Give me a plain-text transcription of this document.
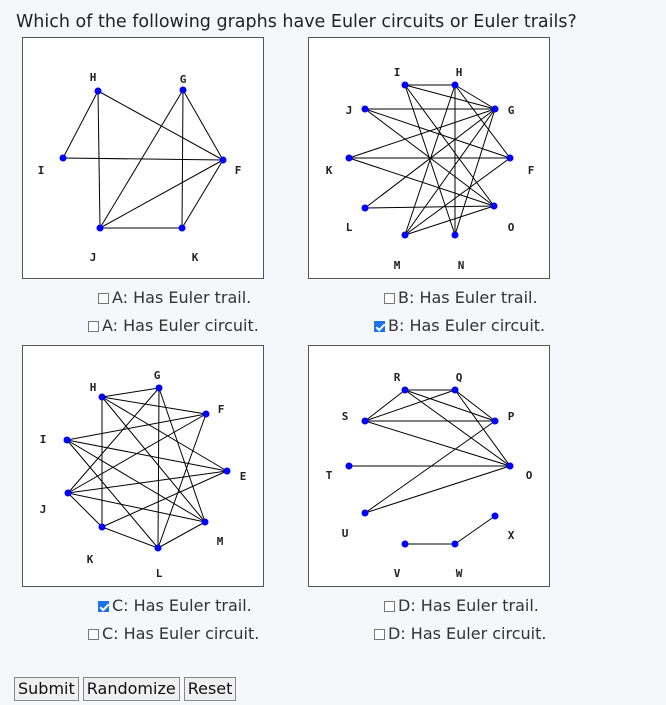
Which of the following graphs have Euler circuits or Euler trails?
H	G
I	F
J	K
I	H
J	G
K	F
L	O
M	N
H
G
F
I
E
J
M
K
L
R	Q
S	P
T	O
U	X
V	W
A: Has Euler trail.
A: Has Euler circuit.
B: Has Euler trail.
B: Has Euler circuit.
C: Has Euler trail.
C: Has Euler circuit.
D: Has Euler trail.
D: Has Euler circuit.
Submit Randomize Reset
